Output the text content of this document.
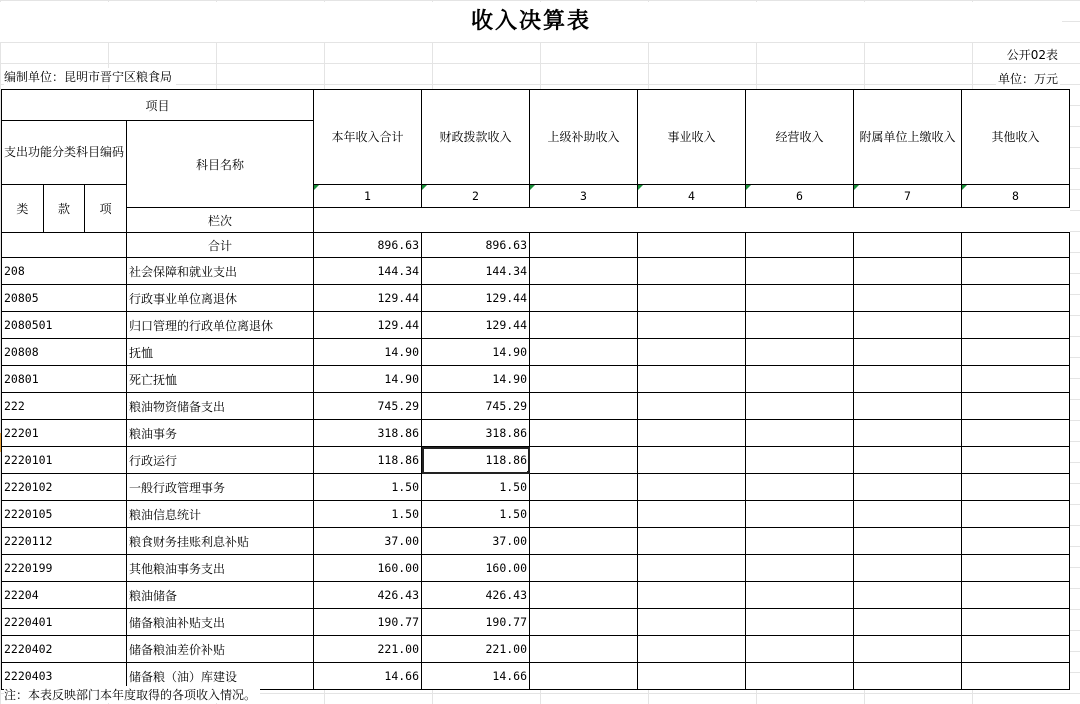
收入决算表
公开02表
编制单位：昆明市晋宁区粮食局	单位：万元
项目				本年收入合计	财政拨款收入	上级补助收入	事业收入	经营收入	附属单位上缴收入	其他收入
支出功能分类科目编码			科目名称							
类	款	项		1	2	3	4	6	7	8
			栏次							
			合计	896.63	896.63					
208			社会保障和就业支出	144.34	144.34					
20805			行政事业单位离退休	129.44	129.44					
2080501			归口管理的行政单位离退休	129.44	129.44					
20808			抚恤	14.90	14.90					
20801			死亡抚恤	14.90	14.90					
222			粮油物资储备支出	745.29	745.29					
22201			粮油事务	318.86	318.86					
2220101			行政运行	118.86	118.86					
2220102			一般行政管理事务	1.50	1.50					
2220105			粮油信息统计	1.50	1.50					
2220112			粮食财务挂账利息补贴	37.00	37.00					
2220199			其他粮油事务支出	160.00	160.00					
22204			粮油储备	426.43	426.43					
2220401			储备粮油补贴支出	190.77	190.77					
2220402			储备粮油差价补贴	221.00	221.00					
2220403			储备粮（油）库建设	14.66	14.66					
注：本表反映部门本年度取得的各项收入情况。
